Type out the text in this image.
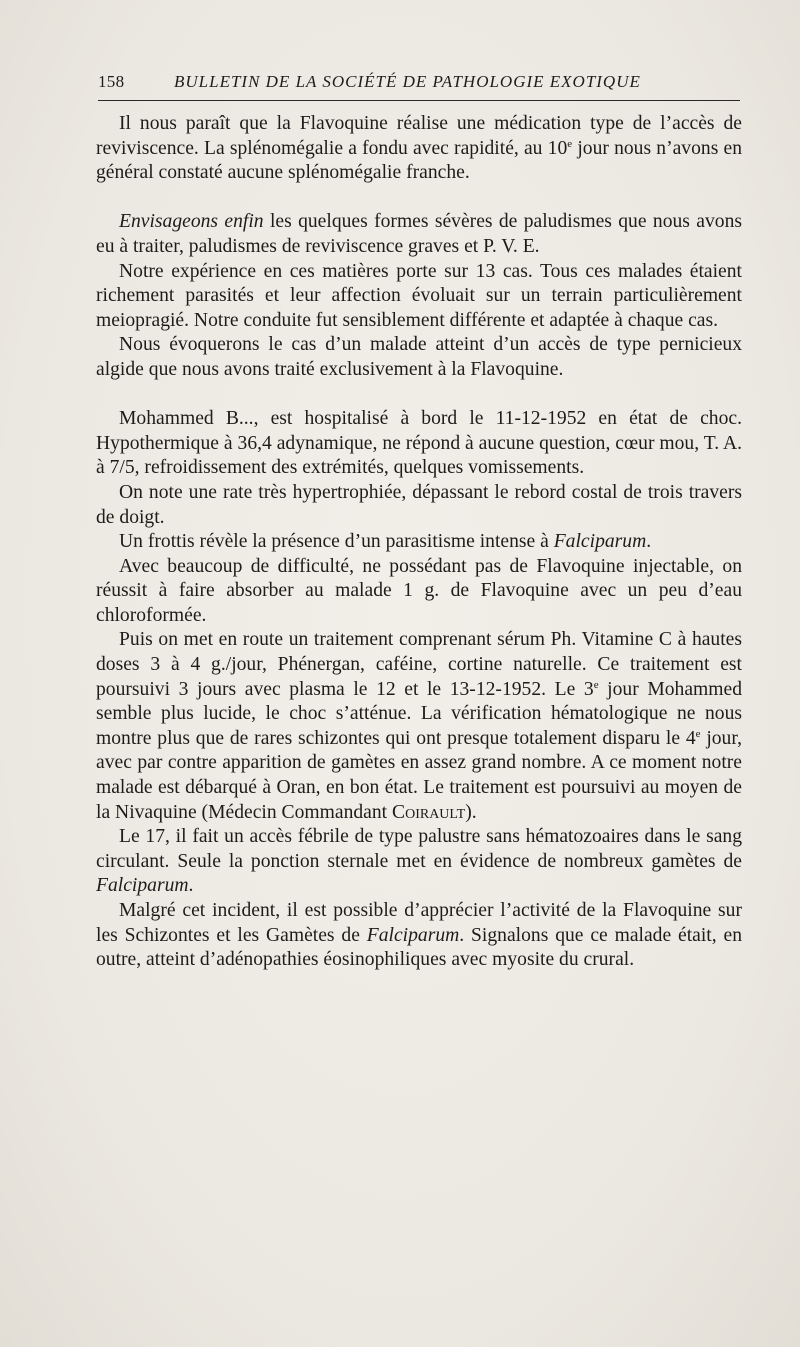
158	BULLETIN DE LA SOCIÉTÉ DE PATHOLOGIE EXOTIQUE

Il nous paraît que la Flavoquine réalise une médication type de l’accès de reviviscence. La splénomégalie a fondu avec rapidité, au 10e jour nous n’avons en général constaté aucune splénomégalie franche.

Envisageons enfin les quelques formes sévères de paludismes que nous avons eu à traiter, paludismes de reviviscence graves et P. V. E.

Notre expérience en ces matières porte sur 13 cas. Tous ces malades étaient richement parasités et leur affection évoluait sur un terrain particulièrement meiopragié. Notre conduite fut sensiblement différente et adaptée à chaque cas.

Nous évoquerons le cas d’un malade atteint d’un accès de type pernicieux algide que nous avons traité exclusivement à la Flavoquine.

Mohammed B..., est hospitalisé à bord le 11-12-1952 en état de choc. Hypothermique à 36,4 adynamique, ne répond à aucune question, cœur mou, T. A. à 7/5, refroidissement des extrémités, quelques vomissements.

On note une rate très hypertrophiée, dépassant le rebord costal de trois travers de doigt.

Un frottis révèle la présence d’un parasitisme intense à Falciparum.

Avec beaucoup de difficulté, ne possédant pas de Flavoquine injectable, on réussit à faire absorber au malade 1 g. de Flavoquine avec un peu d’eau chloroformée.

Puis on met en route un traitement comprenant sérum Ph. Vitamine C à hautes doses 3 à 4 g./jour, Phénergan, caféine, cortine naturelle. Ce traitement est poursuivi 3 jours avec plasma le 12 et le 13-12-1952. Le 3e jour Mohammed semble plus lucide, le choc s’atténue. La vérification hématologique ne nous montre plus que de rares schizontes qui ont presque totalement disparu le 4e jour, avec par contre apparition de gamètes en assez grand nombre. A ce moment notre malade est débarqué à Oran, en bon état. Le traitement est poursuivi au moyen de la Nivaquine (Médecin Commandant Coirault).

Le 17, il fait un accès fébrile de type palustre sans hématozoaires dans le sang circulant. Seule la ponction sternale met en évidence de nombreux gamètes de Falciparum.

Malgré cet incident, il est possible d’apprécier l’activité de la Flavoquine sur les Schizontes et les Gamètes de Falciparum. Signalons que ce malade était, en outre, atteint d’adénopathies éosinophiliques avec myosite du crural.
